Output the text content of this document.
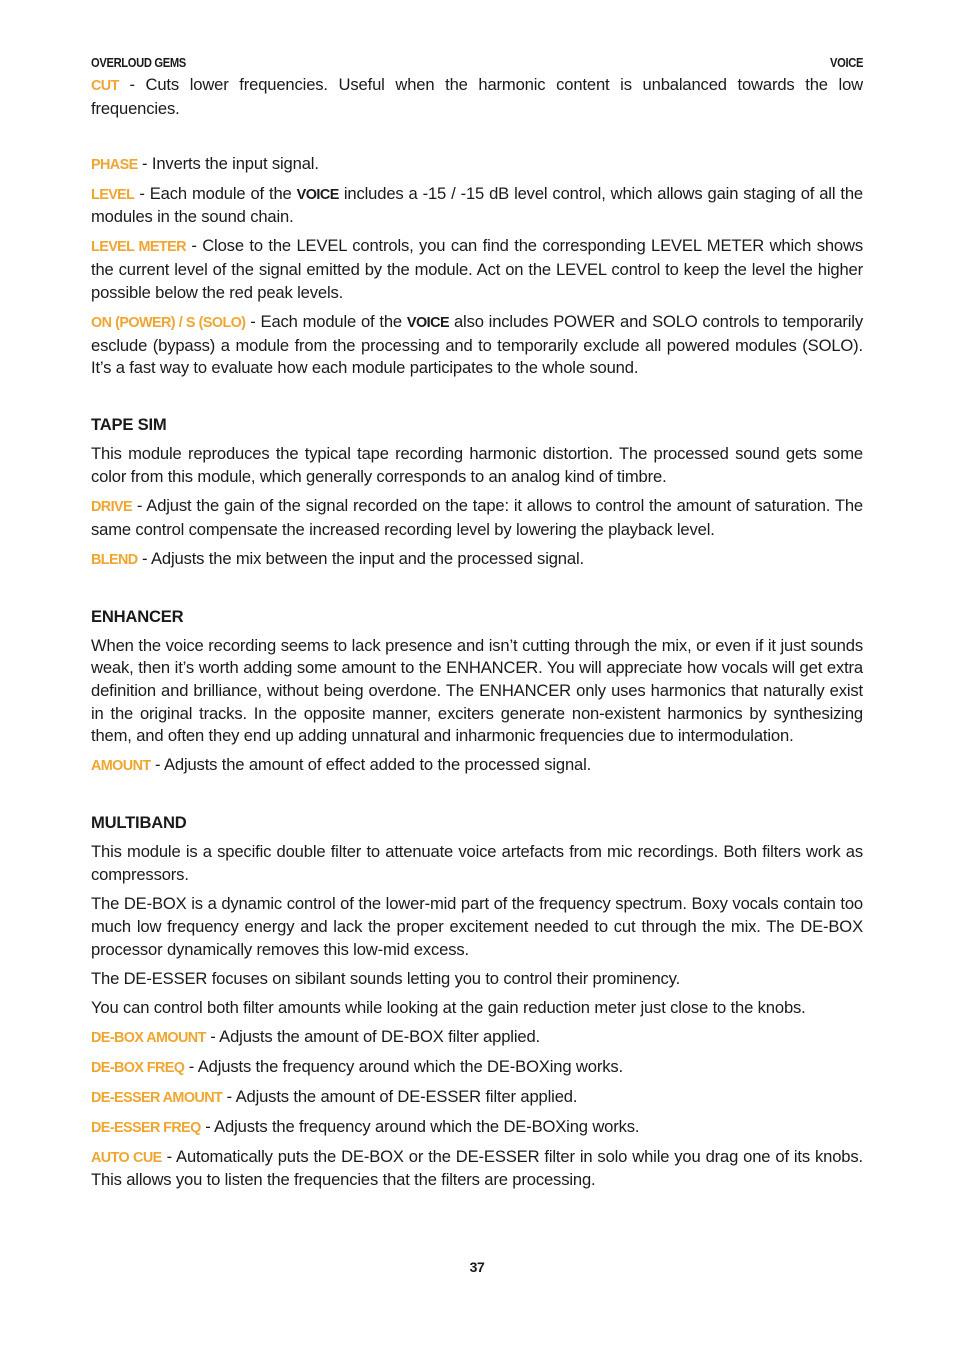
OVERLOUD GEMS	VOICE

CUT - Cuts lower frequencies. Useful when the harmonic content is unbalanced towards the low frequencies.

PHASE - Inverts the input signal.

LEVEL - Each module of the VOICE includes a -15 / -15 dB level control, which allows gain staging of all the modules in the sound chain.

LEVEL METER - Close to the LEVEL controls, you can find the corresponding LEVEL METER which shows the current level of the signal emitted by the module. Act on the LEVEL control to keep the level the higher possible below the red peak levels.

ON (POWER) / S (SOLO) - Each module of the VOICE also includes POWER and SOLO controls to temporarily esclude (bypass) a module from the processing and to temporarily exclude all powered modules (SOLO). It’s a fast way to evaluate how each module participates to the whole sound.

TAPE SIM

This module reproduces the typical tape recording harmonic distortion. The processed sound gets some color from this module, which generally corresponds to an analog kind of timbre.

DRIVE - Adjust the gain of the signal recorded on the tape: it allows to control the amount of saturation. The same control compensate the increased recording level by lowering the playback level.

BLEND - Adjusts the mix between the input and the processed signal.

ENHANCER

When the voice recording seems to lack presence and isn’t cutting through the mix, or even if it just sounds weak, then it’s worth adding some amount to the ENHANCER. You will appreciate how vocals will get extra definition and brilliance, without being overdone. The ENHANCER only uses harmonics that naturally exist in the original tracks. In the opposite manner, exciters generate non-existent harmonics by synthesizing them, and often they end up adding unnatural and inharmonic frequencies due to intermodulation.

AMOUNT - Adjusts the amount of effect added to the processed signal.

MULTIBAND

This module is a specific double filter to attenuate voice artefacts from mic recordings. Both filters work as compressors.

The DE-BOX is a dynamic control of the lower-mid part of the frequency spectrum. Boxy vocals contain too much low frequency energy and lack the proper excitement needed to cut through the mix. The DE-BOX processor dynamically removes this low-mid excess.

The DE-ESSER focuses on sibilant sounds letting you to control their prominency.

You can control both filter amounts while looking at the gain reduction meter just close to the knobs.

DE-BOX AMOUNT - Adjusts the amount of DE-BOX filter applied.

DE-BOX FREQ - Adjusts the frequency around which the DE-BOXing works.

DE-ESSER AMOUNT - Adjusts the amount of DE-ESSER filter applied.

DE-ESSER FREQ - Adjusts the frequency around which the DE-BOXing works.

AUTO CUE - Automatically puts the DE-BOX or the DE-ESSER filter in solo while you drag one of its knobs. This allows you to listen the frequencies that the filters are processing.

37
